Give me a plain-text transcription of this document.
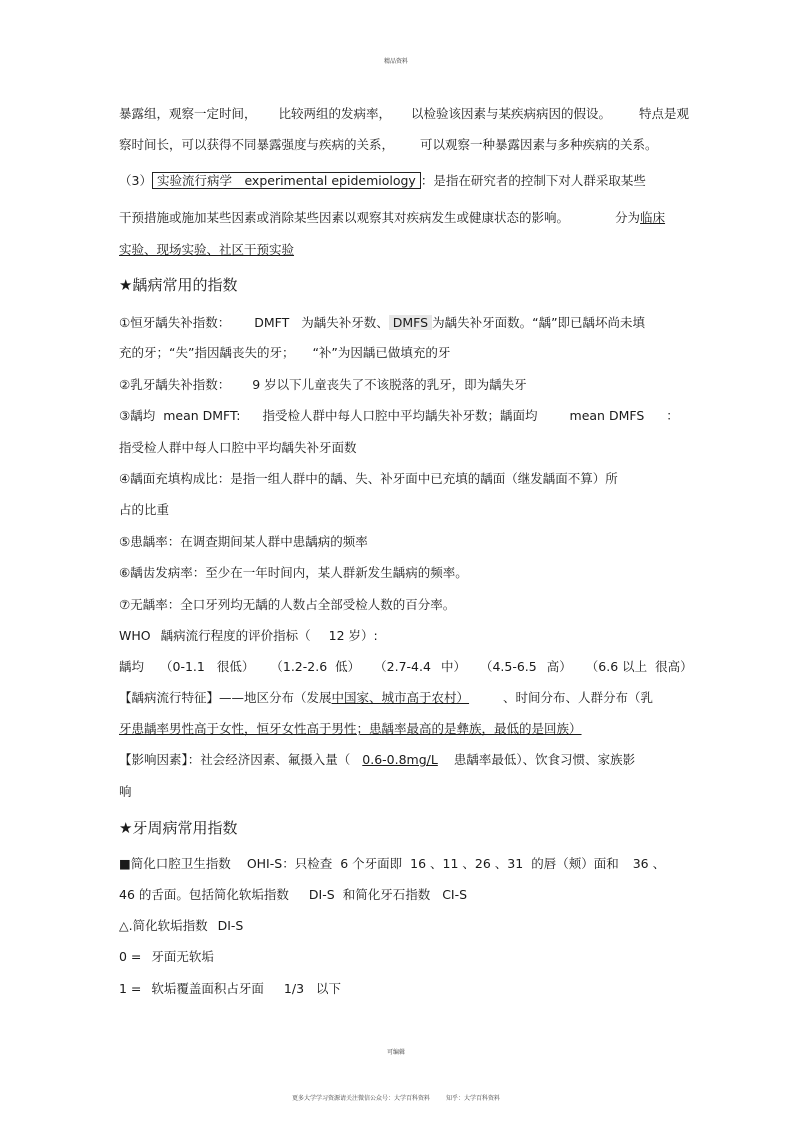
精品资料
暴露组，观察一定时间， 比较两组的发病率， 以检验该因素与某疾病病因的假设。 特点是观
察时间长，可以获得不同暴露强度与疾病的关系， 可以观察一种暴露因素与多种疾病的关系。
（3） 实验流行病学　experimental epidemiology ：是指在研究者的控制下对人群采取某些
干预措施或施加某些因素或消除某些因素以观察其对疾病发生或健康状态的影响。	分为临床
实验、现场实验、社区干预实验
★龋病常用的指数
①恒牙龋失补指数： DMFT 为龋失补牙数、 DMFS 为龋失补牙面数。“龋”即已龋坏尚未填
充的牙；“失”指因龋丧失的牙； “补”为因龋已做填充的牙
②乳牙龋失补指数： 9 岁以下儿童丧失了不该脱落的乳牙，即为龋失牙
③龋均 mean DMFT: 指受检人群中每人口腔中平均龋失补牙数；龋面均	mean DMFS ：
指受检人群中每人口腔中平均龋失补牙面数
④龋面充填构成比：是指一组人群中的龋、失、补牙面中已充填的龋面（继发龋面不算）所
占的比重
⑤患龋率：在调查期间某人群中患龋病的频率
⑥龋齿发病率：至少在一年时间内，某人群新发生龋病的频率。
⑦无龋率：全口牙列均无龋的人数占全部受检人数的百分率。
WHO 龋病流行程度的评价指标（ 12 岁）:
龋均 （0-1.1 很低） （1.2-2.6 低） （2.7-4.4 中） （4.5-6.5 高） （6.6 以上 很高）
【龋病流行特征】——地区分布（发展中国家、城市高于农村）	、时间分布、人群分布（乳
牙患龋率男性高于女性，恒牙女性高于男性；患龋率最高的是彝族，最低的是回族）
【影响因素】：社会经济因素、氟摄入量（ 0.6-0.8mg/L 患龋率最低）、饮食习惯、家族影
响
★牙周病常用指数
■简化口腔卫生指数 OHI-S：只检查 6 个牙面即 16 、11 、26 、31 的唇（颊）面和 36 、
46 的舌面。包括简化软垢指数 DI-S 和简化牙石指数 CI-S
△.简化软垢指数 DI-S
0 = 牙面无软垢
1 = 软垢覆盖面积占牙面 1/3 以下
可编辑
更多大学学习资源请关注微信公众号：大学百科资料	知乎：大学百科资料
